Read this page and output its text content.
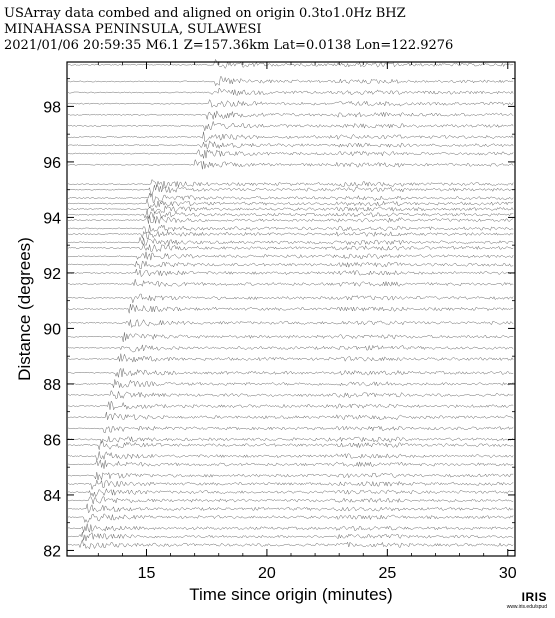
USArray data combed and aligned on origin 0.3to1.0Hz BHZ
MINAHASSA PENINSULA, SULAWESI
2021/01/06 20:59:35 M6.1 Z=157.36km Lat=0.0138 Lon=122.9276
15	20	25	30
82
84
86
88
90
92
94
96
98
Time since origin (minutes)
Distance (degrees)
IRIS
www.iris.edu/spud
